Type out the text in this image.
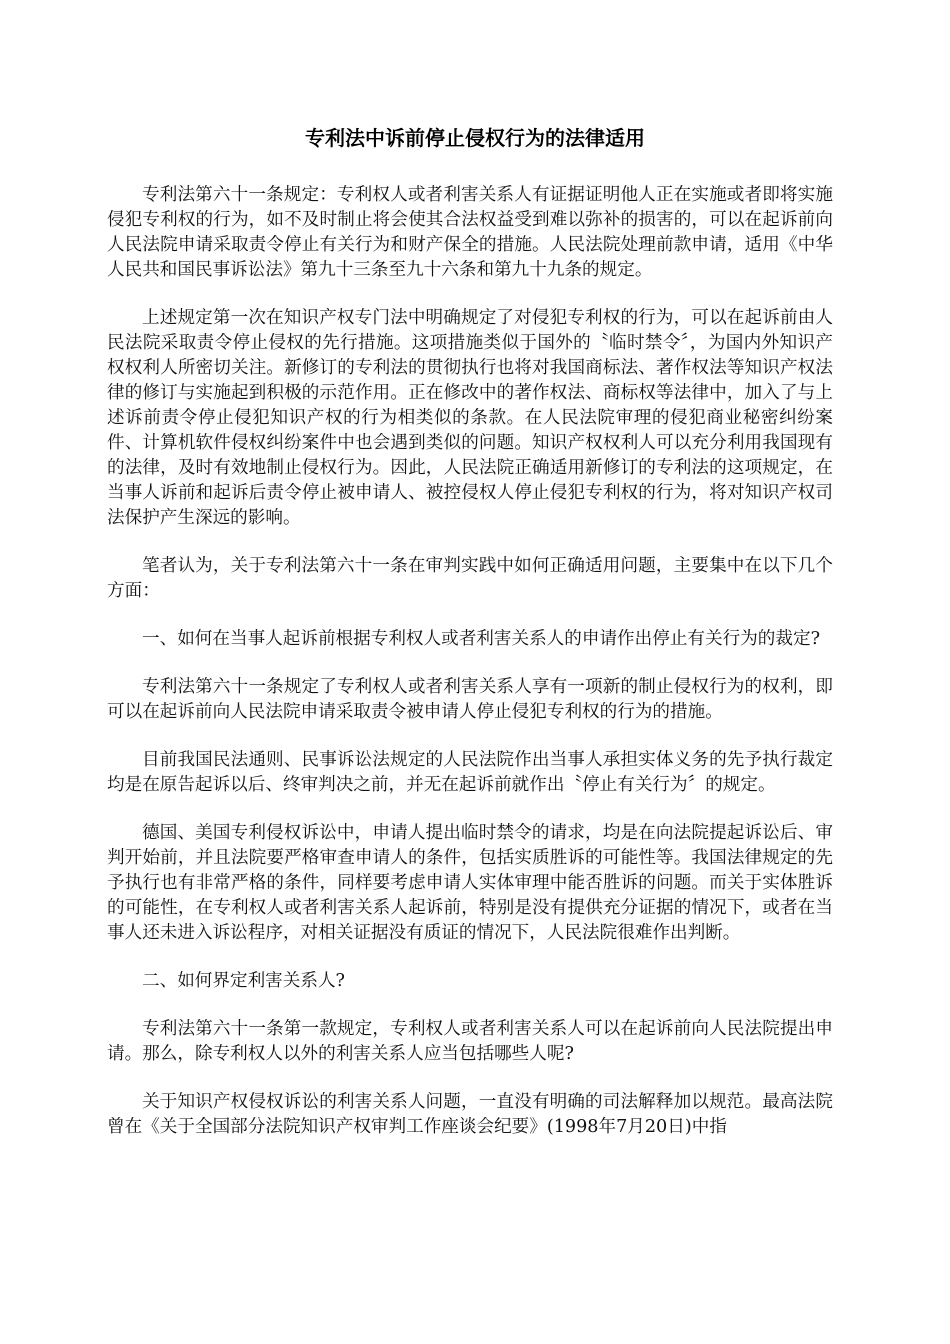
专利法中诉前停止侵权行为的法律适用

专利法第六十一条规定：专利权人或者利害关系人有证据证明他人正在实施或者即将实施侵犯专利权的行为，如不及时制止将会使其合法权益受到难以弥补的损害的，可以在起诉前向人民法院申请采取责令停止有关行为和财产保全的措施。人民法院处理前款申请，适用《中华人民共和国民事诉讼法》第九十三条至九十六条和第九十九条的规定。

上述规定第一次在知识产权专门法中明确规定了对侵犯专利权的行为，可以在起诉前由人民法院采取责令停止侵权的先行措施。这项措施类似于国外的〝临时禁令〞，为国内外知识产权权利人所密切关注。新修订的专利法的贯彻执行也将对我国商标法、著作权法等知识产权法律的修订与实施起到积极的示范作用。正在修改中的著作权法、商标权等法律中，加入了与上述诉前责令停止侵犯知识产权的行为相类似的条款。在人民法院审理的侵犯商业秘密纠纷案件、计算机软件侵权纠纷案件中也会遇到类似的问题。知识产权权利人可以充分利用我国现有的法律，及时有效地制止侵权行为。因此，人民法院正确适用新修订的专利法的这项规定，在当事人诉前和起诉后责令停止被申请人、被控侵权人停止侵犯专利权的行为，将对知识产权司法保护产生深远的影响。

笔者认为，关于专利法第六十一条在审判实践中如何正确适用问题，主要集中在以下几个方面：

一、如何在当事人起诉前根据专利权人或者利害关系人的申请作出停止有关行为的裁定?

专利法第六十一条规定了专利权人或者利害关系人享有一项新的制止侵权行为的权利，即可以在起诉前向人民法院申请采取责令被申请人停止侵犯专利权的行为的措施。

目前我国民法通则、民事诉讼法规定的人民法院作出当事人承担实体义务的先予执行裁定均是在原告起诉以后、终审判决之前，并无在起诉前就作出〝停止有关行为〞的规定。

德国、美国专利侵权诉讼中，申请人提出临时禁令的请求，均是在向法院提起诉讼后、审判开始前，并且法院要严格审查申请人的条件，包括实质胜诉的可能性等。我国法律规定的先予执行也有非常严格的条件，同样要考虑申请人实体审理中能否胜诉的问题。而关于实体胜诉的可能性，在专利权人或者利害关系人起诉前，特别是没有提供充分证据的情况下，或者在当事人还未进入诉讼程序，对相关证据没有质证的情况下，人民法院很难作出判断。

二、如何界定利害关系人?

专利法第六十一条第一款规定，专利权人或者利害关系人可以在起诉前向人民法院提出申请。那么，除专利权人以外的利害关系人应当包括哪些人呢?

关于知识产权侵权诉讼的利害关系人问题，一直没有明确的司法解释加以规范。最高法院曾在《关于全国部分法院知识产权审判工作座谈会纪要》(1998年7月20日)中指
